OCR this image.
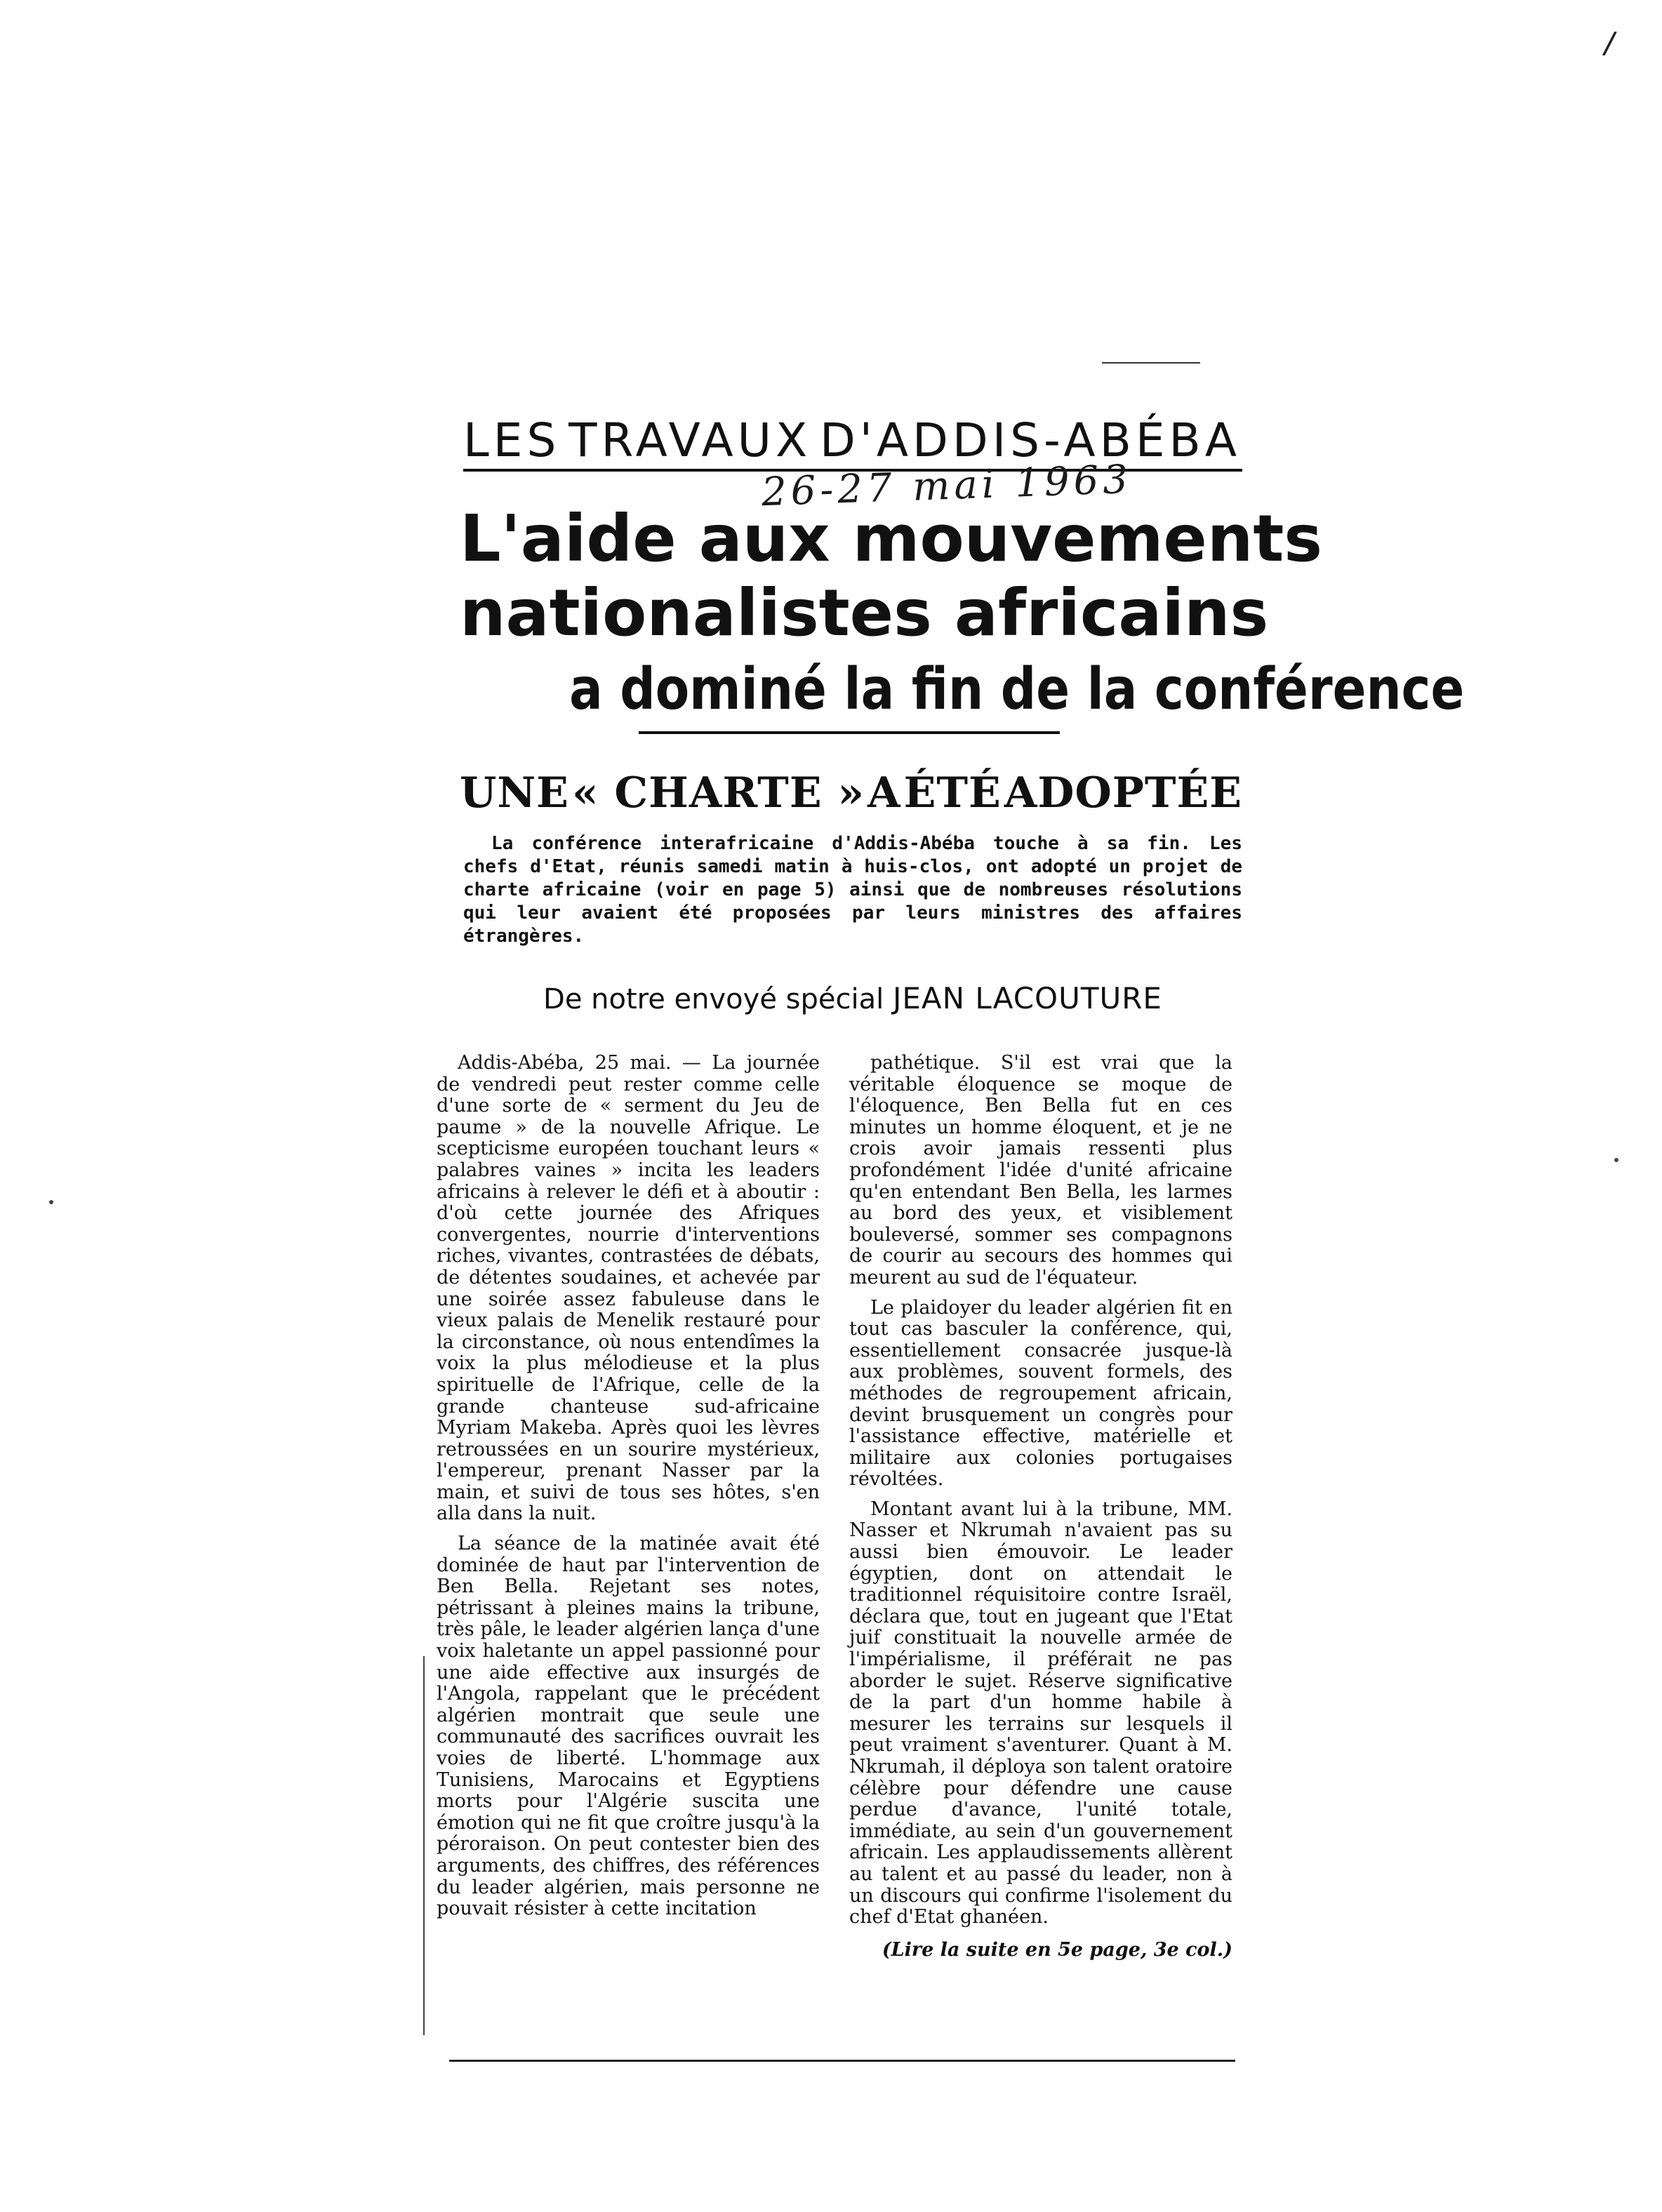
/
LES TRAVAUX D'ADDIS-ABÉBA
26-27 mai 1963
L'aide aux mouvements
nationalistes africains
a dominé la fin de la conférence
UNE « CHARTE » A ÉTÉ ADOPTÉE

La conférence interafricaine d'Addis-Abéba touche à sa fin. Les chefs d'Etat, réunis samedi matin à huis-clos, ont adopté un projet de charte africaine (voir en page 5) ainsi que de nombreuses résolutions qui leur avaient été proposées par leurs ministres des affaires étrangères.

De notre envoyé spécial JEAN LACOUTURE

Addis-Abéba, 25 mai. — La journée de vendredi peut rester comme celle d'une sorte de « serment du Jeu de paume » de la nouvelle Afrique. Le scepticisme européen touchant leurs « palabres vaines » incita les leaders africains à relever le défi et à aboutir : d'où cette journée des Afriques convergentes, nourrie d'interventions riches, vivantes, contrastées de débats, de détentes soudaines, et achevée par une soirée assez fabuleuse dans le vieux palais de Menelik restauré pour la circonstance, où nous entendîmes la voix la plus mélodieuse et la plus spirituelle de l'Afrique, celle de la grande chanteuse sud-africaine Myriam Makeba. Après quoi les lèvres retroussées en un sourire mystérieux, l'empereur, prenant Nasser par la main, et suivi de tous ses hôtes, s'en alla dans la nuit.

La séance de la matinée avait été dominée de haut par l'intervention de Ben Bella. Rejetant ses notes, pétrissant à pleines mains la tribune, très pâle, le leader algérien lança d'une voix haletante un appel passionné pour une aide effective aux insurgés de l'Angola, rappelant que le précédent algérien montrait que seule une communauté des sacrifices ouvrait les voies de liberté. L'hommage aux Tunisiens, Marocains et Egyptiens morts pour l'Algérie suscita une émotion qui ne fit que croître jusqu'à la péroraison. On peut contester bien des arguments, des chiffres, des références du leader algérien, mais personne ne pouvait résister à cette incitation

pathétique. S'il est vrai que la véritable éloquence se moque de l'éloquence, Ben Bella fut en ces minutes un homme éloquent, et je ne crois avoir jamais ressenti plus profondément l'idée d'unité africaine qu'en entendant Ben Bella, les larmes au bord des yeux, et visiblement bouleversé, sommer ses compagnons de courir au secours des hommes qui meurent au sud de l'équateur.

Le plaidoyer du leader algérien fit en tout cas basculer la conférence, qui, essentiellement consacrée jusque-là aux problèmes, souvent formels, des méthodes de regroupement africain, devint brusquement un congrès pour l'assistance effective, matérielle et militaire aux colonies portugaises révoltées.

Montant avant lui à la tribune, MM. Nasser et Nkrumah n'avaient pas su aussi bien émouvoir. Le leader égyptien, dont on attendait le traditionnel réquisitoire contre Israël, déclara que, tout en jugeant que l'Etat juif constituait la nouvelle armée de l'impérialisme, il préférait ne pas aborder le sujet. Réserve significative de la part d'un homme habile à mesurer les terrains sur lesquels il peut vraiment s'aventurer. Quant à M. Nkrumah, il déploya son talent oratoire célèbre pour défendre une cause perdue d'avance, l'unité totale, immédiate, au sein d'un gouvernement africain. Les applaudissements allèrent au talent et au passé du leader, non à un discours qui confirme l'isolement du chef d'Etat ghanéen.

(Lire la suite en 5e page, 3e col.)
